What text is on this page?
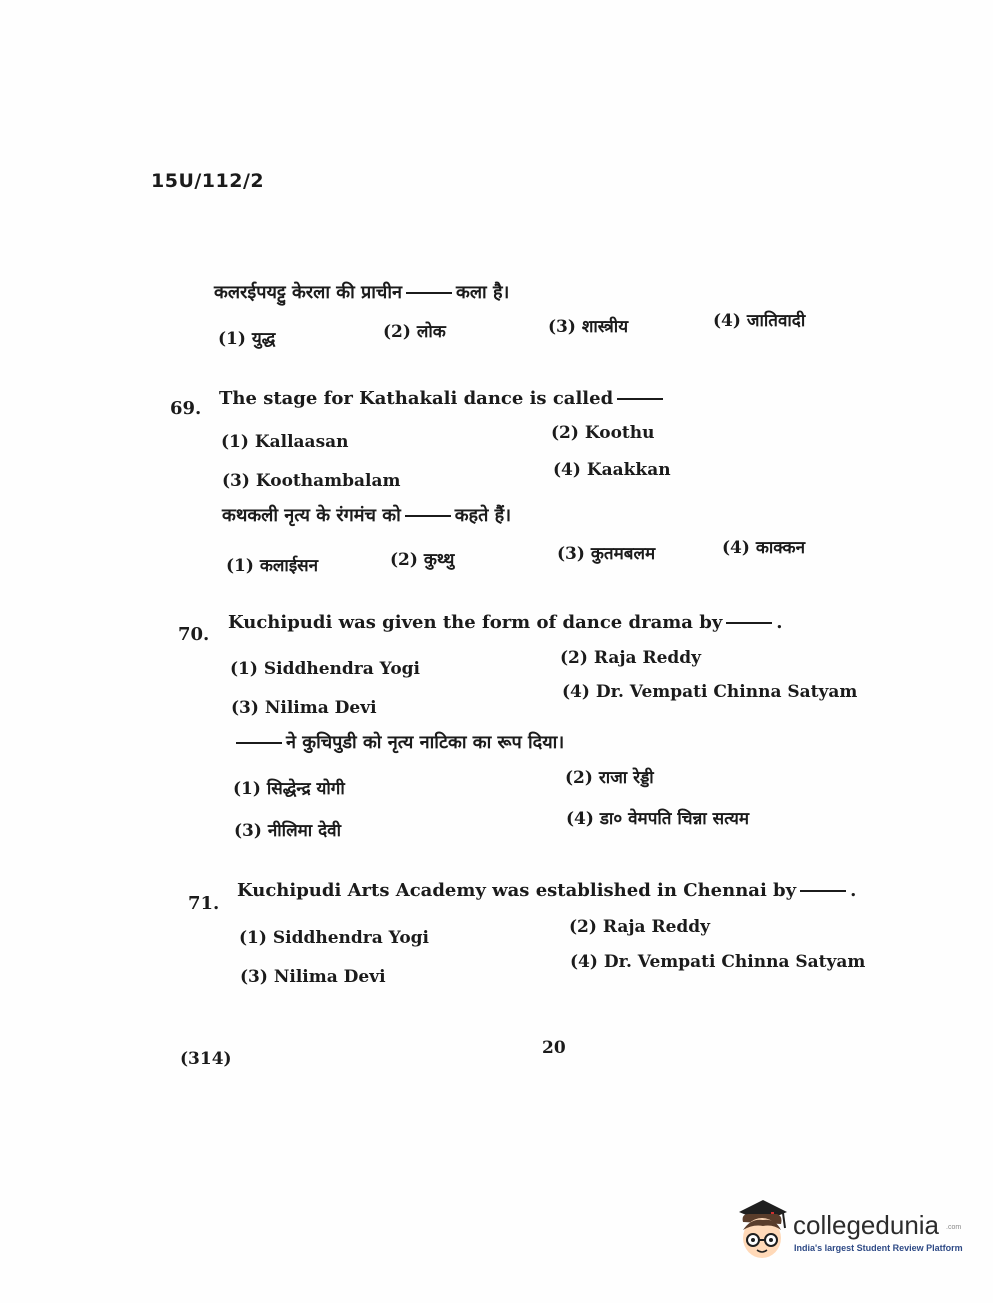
15U/112/2
कलरईपयट्टु केरला की प्राचीन	कला है।
(1) युद्ध	(2) लोक	(3) शास्त्रीय	(4) जातिवादी
69. The stage for Kathakali dance is called
(1) Kallaasan	(2) Koothu
(3) Koothambalam
(4) Kaakkan
कथकली नृत्य के रंगमंच को	कहते हैं।
(1) कलाईसन	(2) कुथ्थु	(3) कुतमबलम	(4) काक्कन
70.
Kuchipudi was given the form of dance drama by	.
(1) Siddhendra Yogi
(2) Raja Reddy
(3) Nilima Devi
(4) Dr. Vempati Chinna Satyam
ने कुचिपुडी को नृत्य नाटिका का रूप दिया।
(1) सिद्धेन्द्र योगी
(2) राजा रेड्डी
(3) नीलिमा देवी
(4) डा० वेमपति चिन्ना सत्यम
71.
Kuchipudi Arts Academy was established in Chennai by	.
(1) Siddhendra Yogi
(2) Raja Reddy
(3) Nilima Devi
(4) Dr. Vempati Chinna Satyam
20
(314)
collegedunia .com
India's largest Student Review Platform
